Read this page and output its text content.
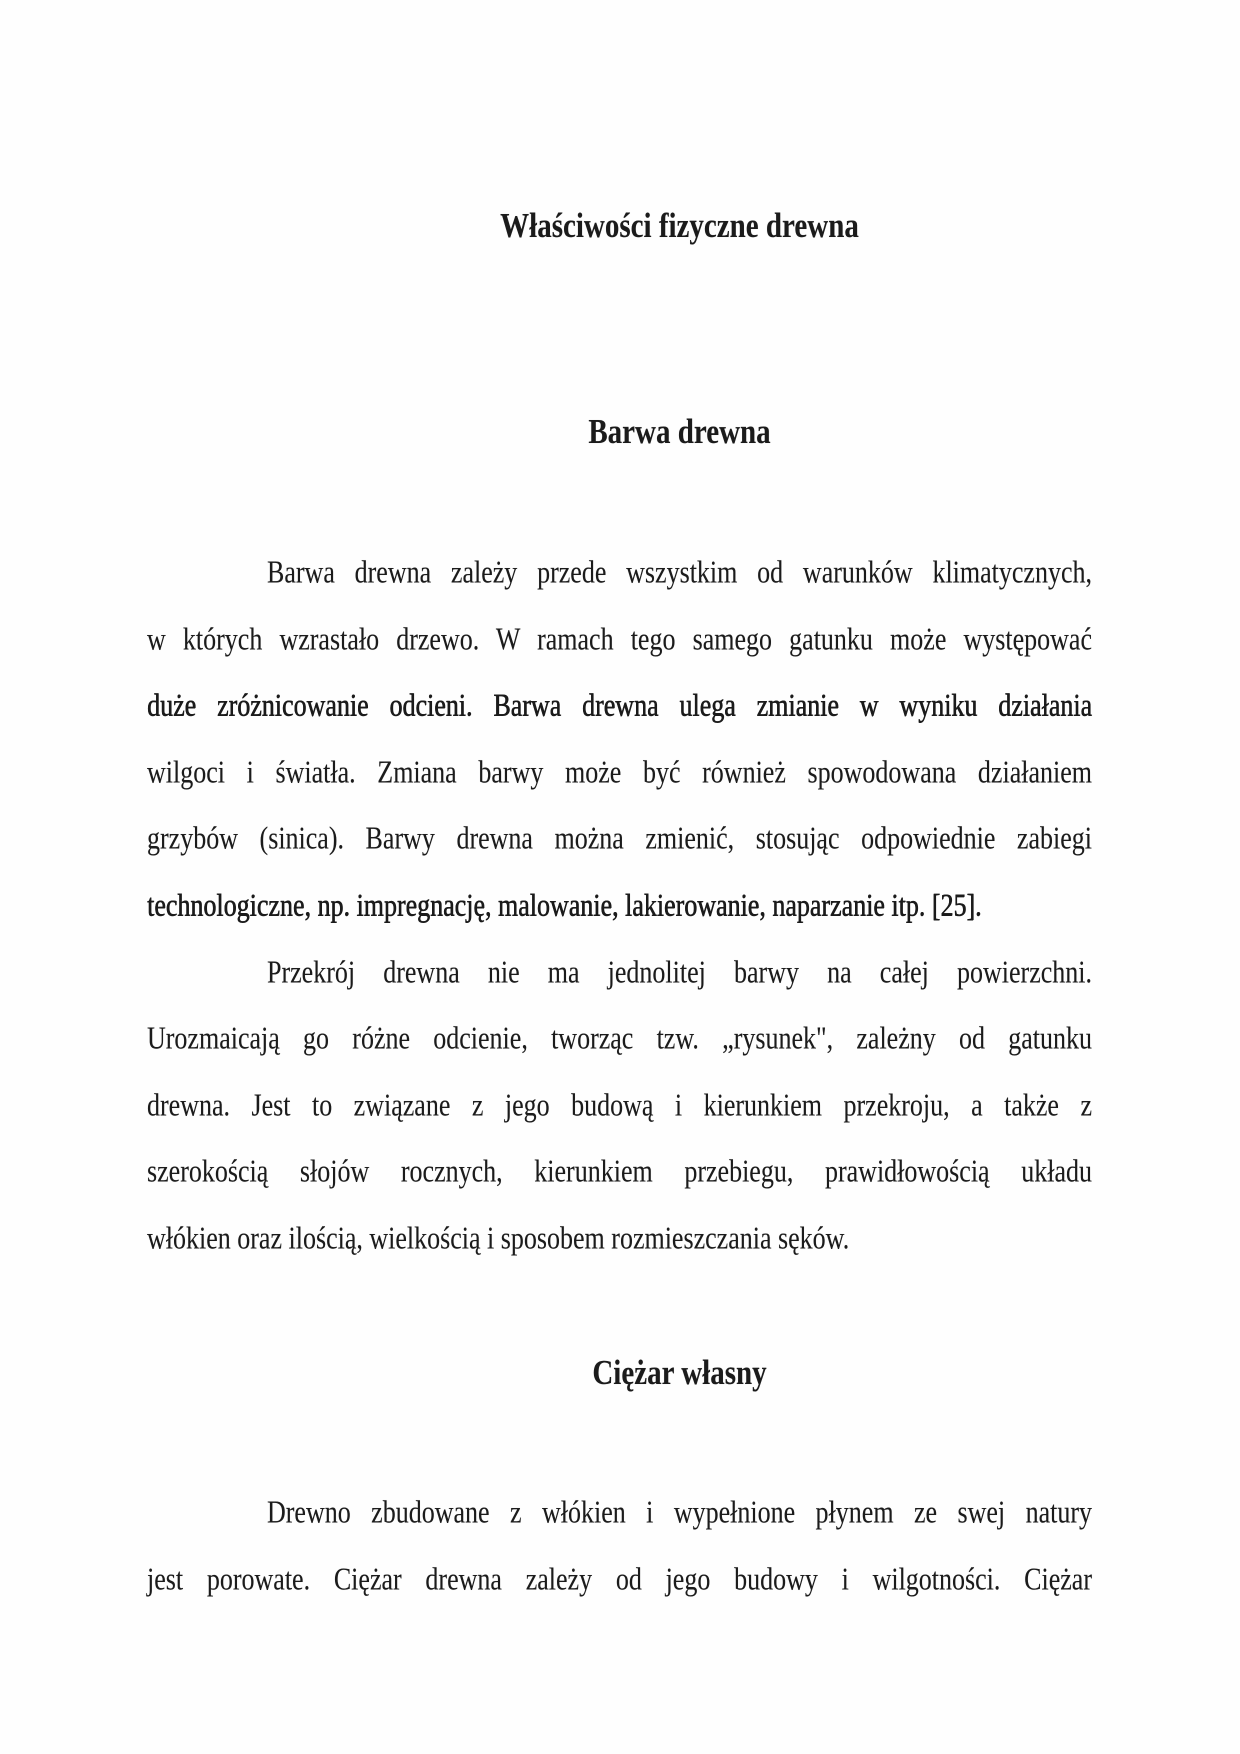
Właściwości fizyczne drewna
Barwa drewna
Barwa drewna zależy przede wszystkim od warunków klimatycznych,
w których wzrastało drzewo. W ramach tego samego gatunku może występować
duże zróżnicowanie odcieni. Barwa drewna ulega zmianie w wyniku działania
wilgoci i światła. Zmiana barwy może być również spowodowana działaniem
grzybów (sinica). Barwy drewna można zmienić, stosując odpowiednie zabiegi
technologiczne, np. impregnację, malowanie, lakierowanie, naparzanie itp. [25].
Przekrój drewna nie ma jednolitej barwy na całej powierzchni.
Urozmaicają go różne odcienie, tworząc tzw. „rysunek", zależny od gatunku
drewna. Jest to związane z jego budową i kierunkiem przekroju, a także z
szerokością słojów rocznych, kierunkiem przebiegu, prawidłowością układu
włókien oraz ilością, wielkością i sposobem rozmieszczania sęków.
Ciężar własny
Drewno zbudowane z włókien i wypełnione płynem ze swej natury
jest porowate. Ciężar drewna zależy od jego budowy i wilgotności. Ciężar
